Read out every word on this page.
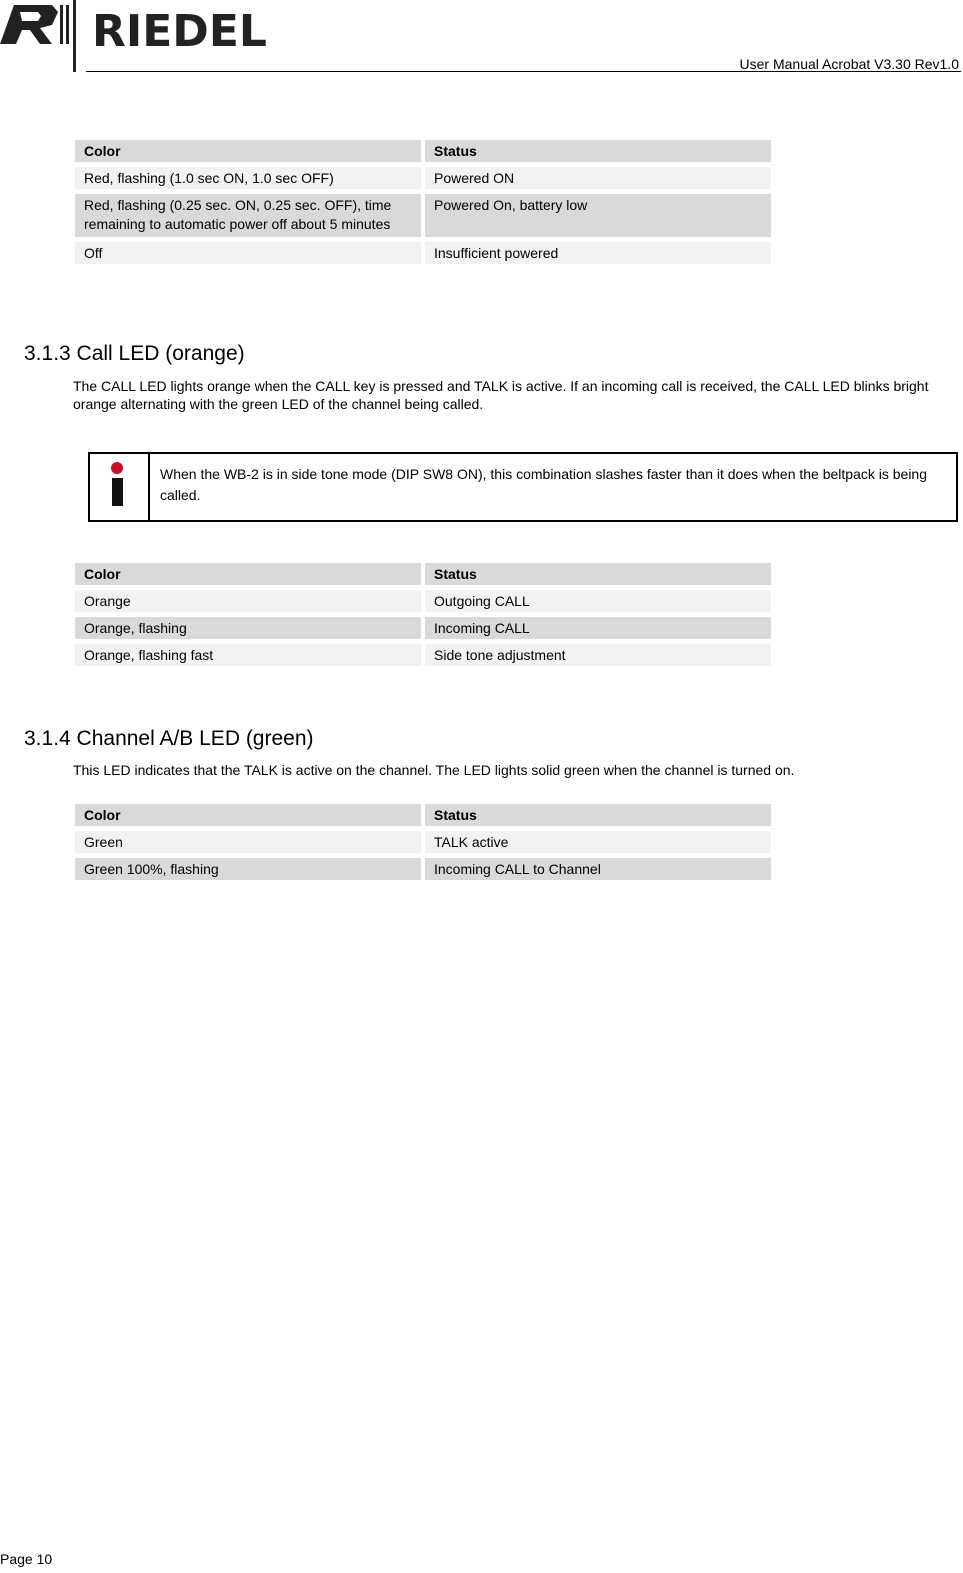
RIEDEL
User Manual Acrobat V3.30 Rev1.0
Color	Status

Red, flashing (1.0 sec ON, 1.0 sec OFF)	Powered ON

Red, flashing (0.25 sec. ON, 0.25 sec. OFF), time remaining to automatic power off about 5 minutes	Powered On, battery low

Off	Insufficient powered
3.1.3 Call LED (orange)

The CALL LED lights orange when the CALL key is pressed and TALK is active. If an incoming call is received, the CALL LED blinks bright orange alternating with the green LED of the channel being called.

When the WB-2 is in side tone mode (DIP SW8 ON), this combination slashes faster than it does when the beltpack is being called.
Color	Status

Orange	Outgoing CALL

Orange, flashing	Incoming CALL

Orange, flashing fast	Side tone adjustment
3.1.4 Channel A/B LED (green)

This LED indicates that the TALK is active on the channel. The LED lights solid green when the channel is turned on.

Color	Status

Green	TALK active

Green 100%, flashing	Incoming CALL to Channel
Page 10
